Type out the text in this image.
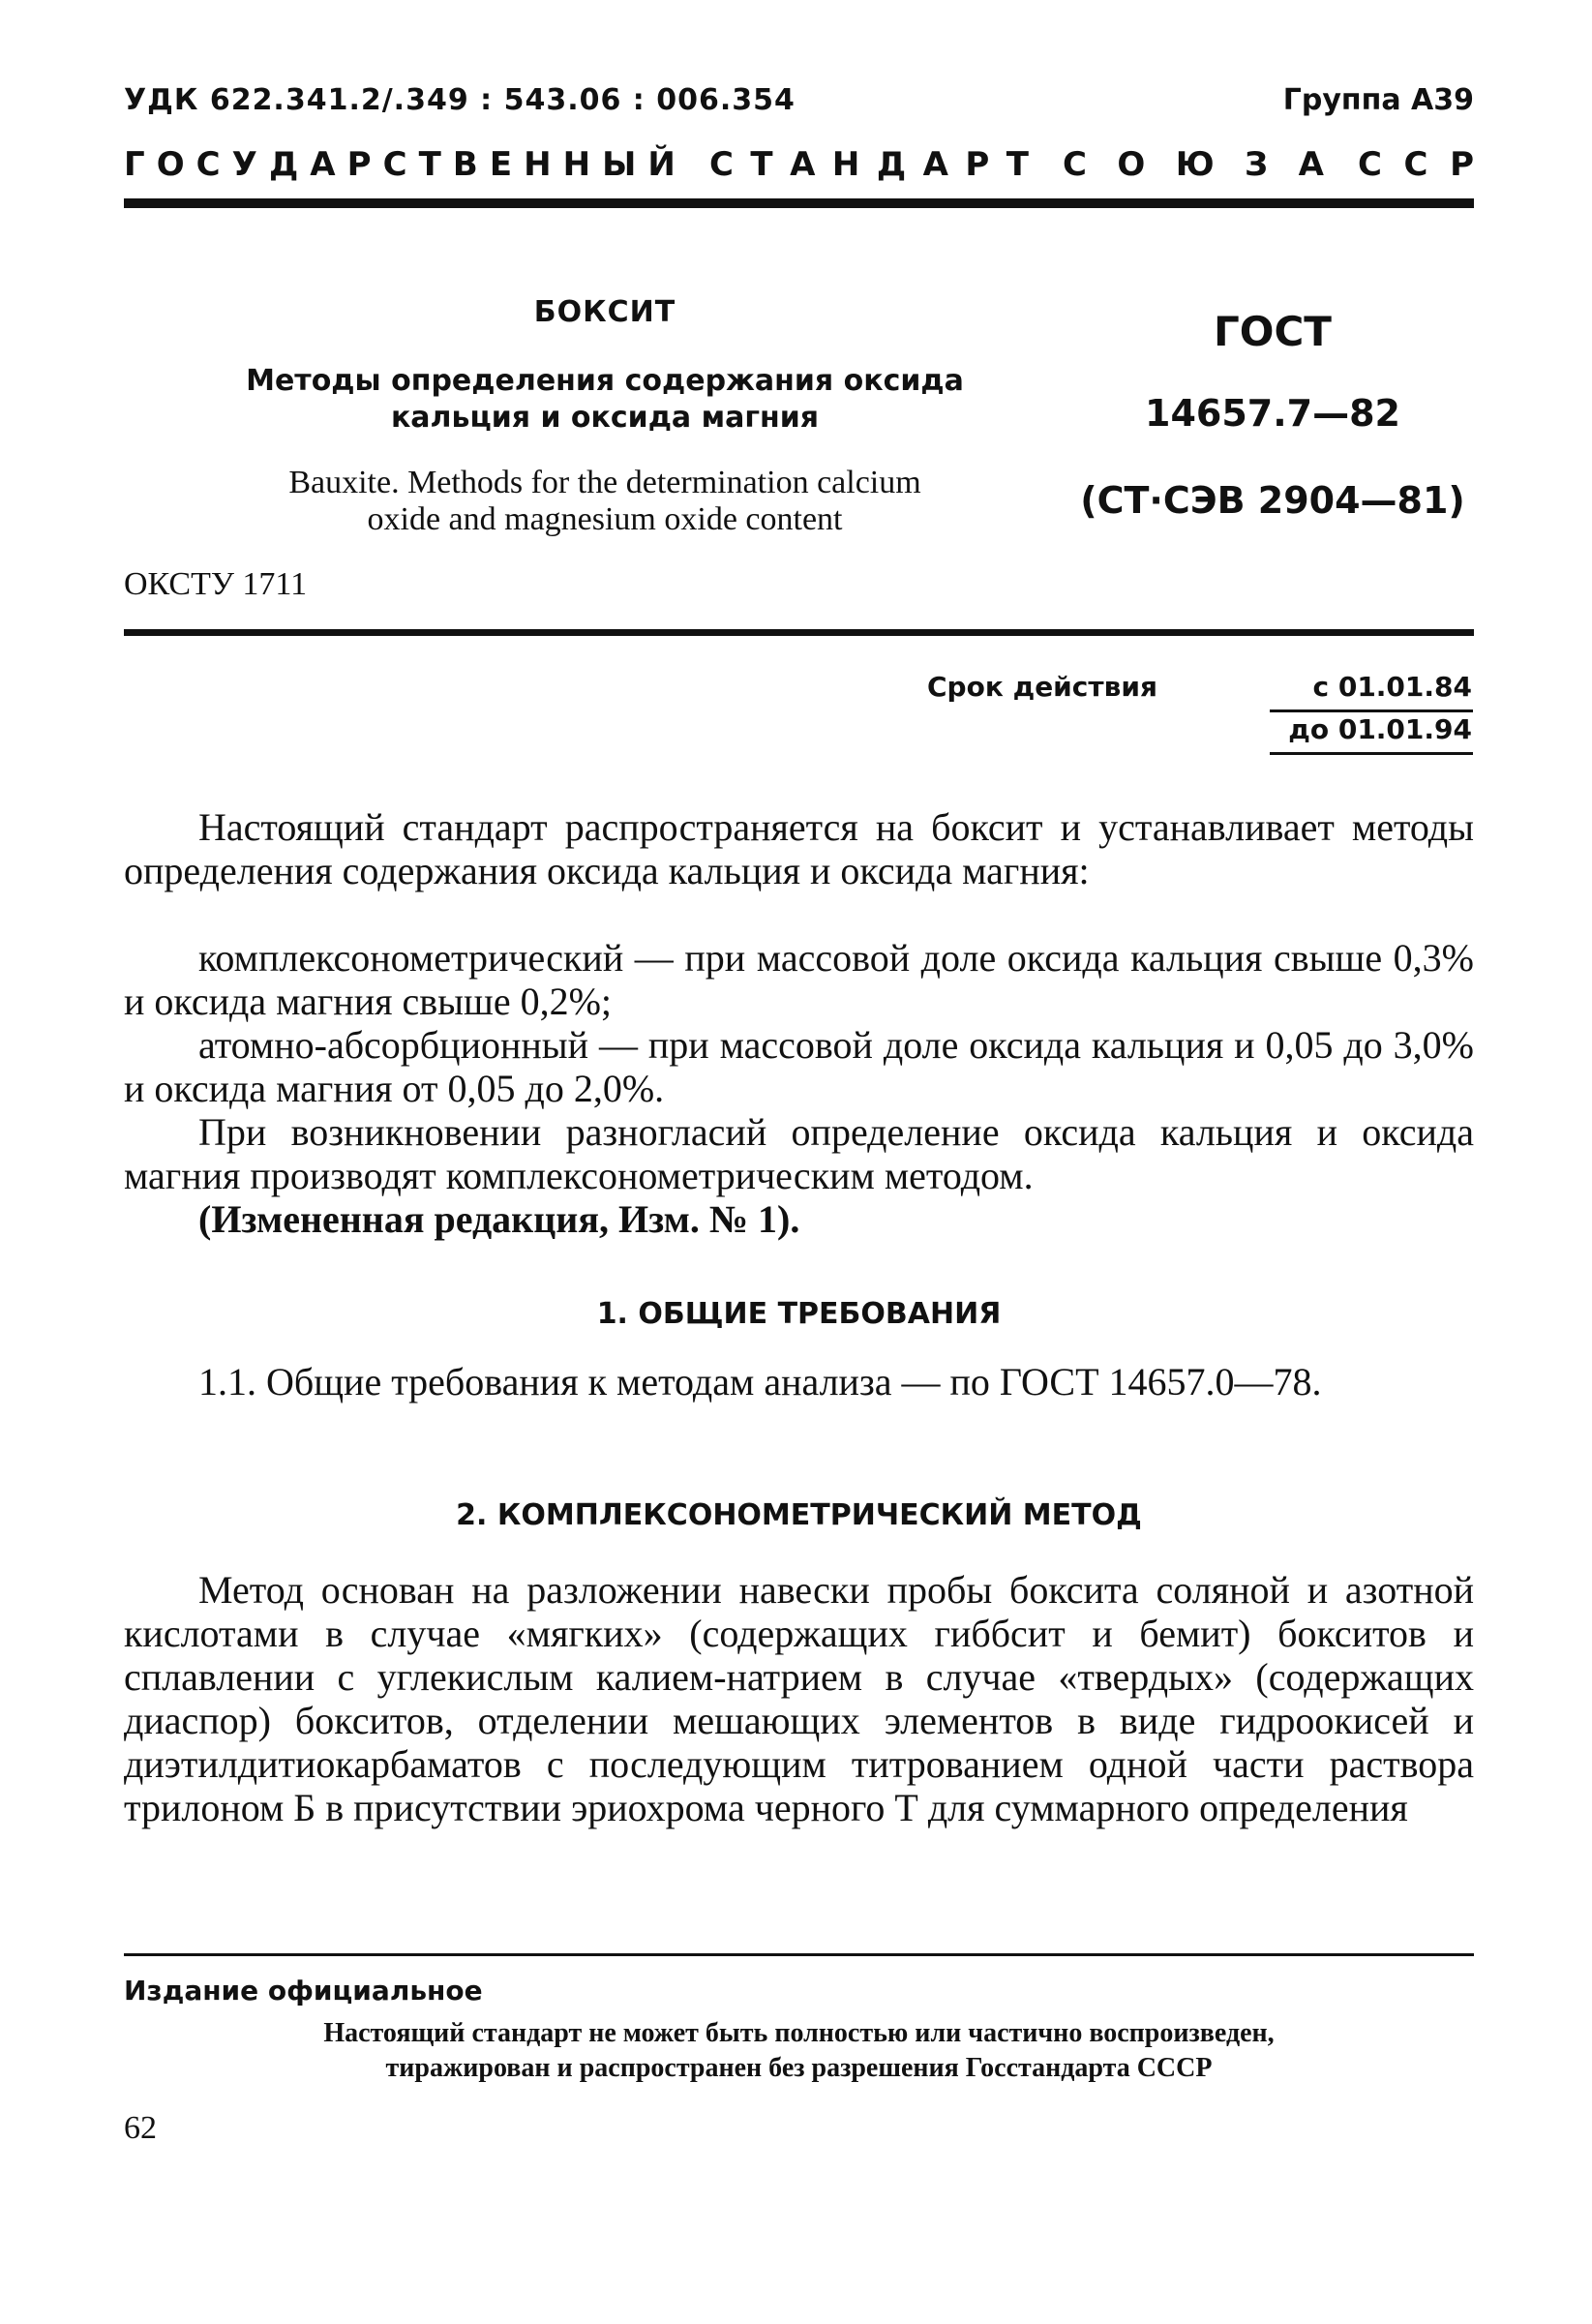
УДК 622.341.2/.349 : 543.06 : 006.354	Группа А39
Г О С У Д А Р С Т В Е Н Н Ы Й С Т А Н Д А Р Т С О Ю З А С С Р
БОКСИТ
Методы определения содержания оксида
кальция и оксида магния
Bauxite. Methods for the determination calcium
oxide and magnesium oxide content
ГОСТ
14657.7—82
(СТ·СЭВ 2904—81)
ОКСТУ 1711
Срок действия	с 01.01.84
до 01.01.94

Настоящий стандарт распространяется на боксит и устанавливает методы определения содержания оксида кальция и оксида магния:

комплексонометрический — при массовой доле оксида кальция свыше 0,3% и оксида магния свыше 0,2%;

атомно-абсорбционный — при массовой доле оксида кальция и 0,05 до 3,0% и оксида магния от 0,05 до 2,0%.

При возникновении разногласий определение оксида кальция и оксида магния производят комплексонометрическим методом.

(Измененная редакция, Изм. № 1).

1. ОБЩИЕ ТРЕБОВАНИЯ

1.1. Общие требования к методам анализа — по ГОСТ 14657.0—78.

2. КОМПЛЕКСОНОМЕТРИЧЕСКИЙ МЕТОД

Метод основан на разложении навески пробы боксита соляной и азотной кислотами в случае «мягких» (содержащих гиббсит и бемит) бокситов и сплавлении с углекислым калием-натрием в случае «твердых» (содержащих диаспор) бокситов, отделении мешающих элементов в виде гидроокисей и диэтилдитиокарбаматов с последующим титрованием одной части раствора трилоном Б в присутствии эриохрома черного Т для суммарного определения

Издание официальное
Настоящий стандарт не может быть полностью или частично воспроизведен,
тиражирован и распространен без разрешения Госстандарта СССР
62
